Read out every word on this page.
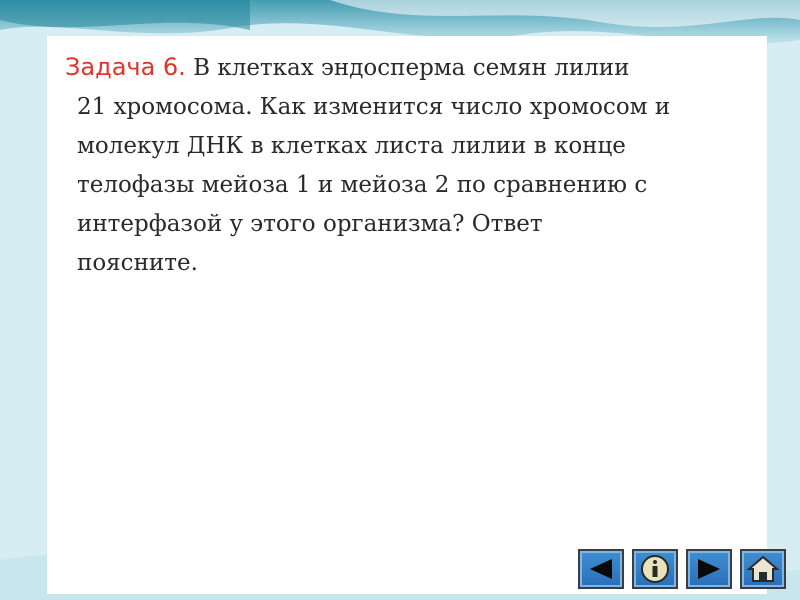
Задача 6. В клетках эндосперма семян лилии
21 хромосома. Как изменится число хромосом и
молекул ДНК в клетках листа лилии в конце
телофазы мейоза 1 и мейоза 2 по сравнению с
интерфазой у этого организма? Ответ
поясните.
